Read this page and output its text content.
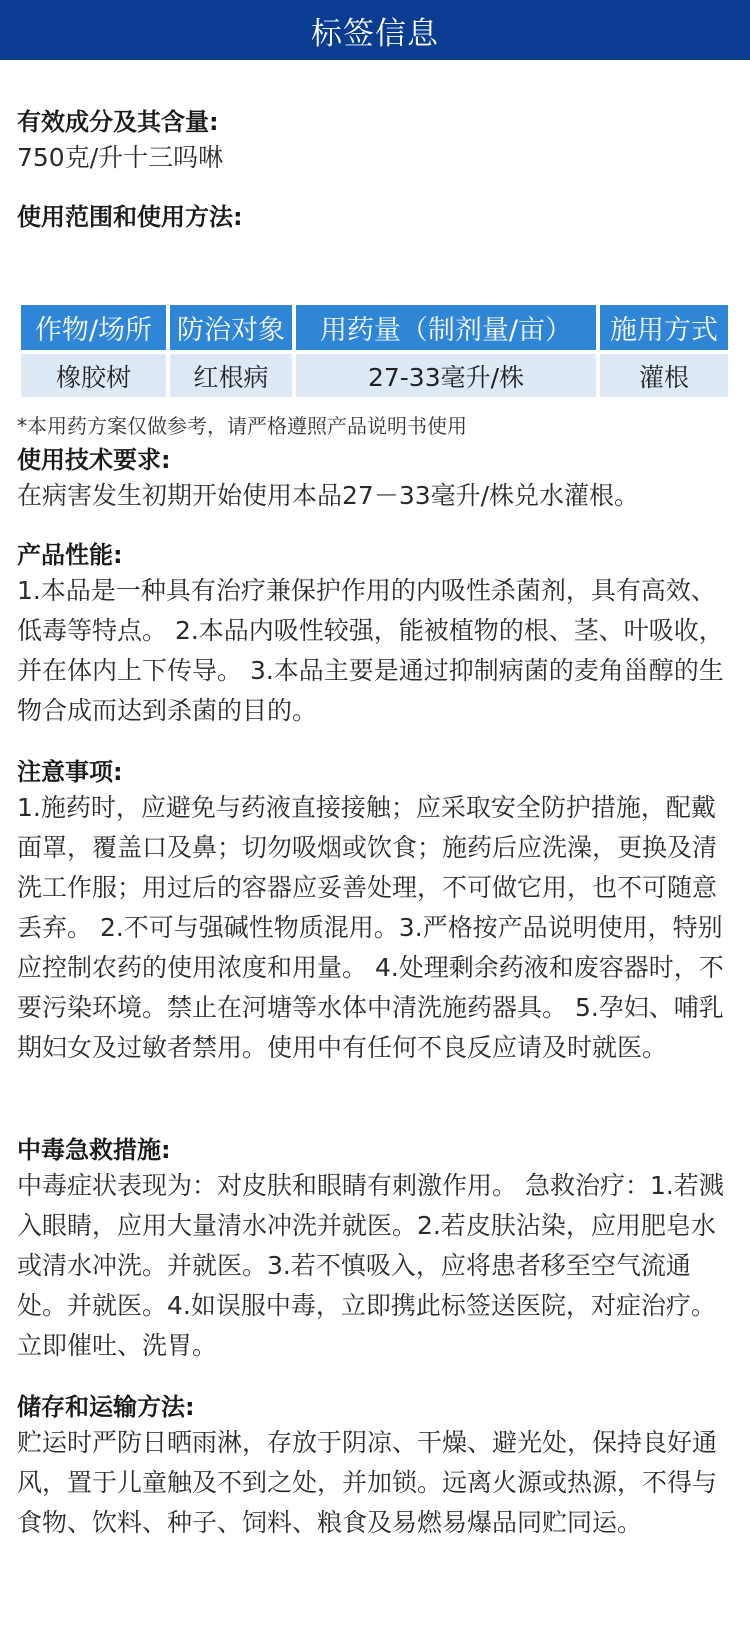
标签信息
有效成分及其含量:
750克/升十三吗啉
使用范围和使用方法:
作物/场所	防治对象	用药量（制剂量/亩）	施用方式
橡胶树	红根病	27-33毫升/株	灌根
*本用药方案仅做参考，请严格遵照产品说明书使用
使用技术要求:
在病害发生初期开始使用本品27－33毫升/株兑水灌根。
产品性能:
1.本品是一种具有治疗兼保护作用的内吸性杀菌剂，具有高效、低毒等特点。 2.本品内吸性较强，能被植物的根、茎、叶吸收，并在体内上下传导。 3.本品主要是通过抑制病菌的麦角甾醇的生物合成而达到杀菌的目的。
注意事项:
1.施药时，应避免与药液直接接触；应采取安全防护措施，配戴面罩，覆盖口及鼻；切勿吸烟或饮食；施药后应洗澡，更换及清洗工作服；用过后的容器应妥善处理，不可做它用，也不可随意丢弃。 2.不可与强碱性物质混用。3.严格按产品说明使用，特别应控制农药的使用浓度和用量。 4.处理剩余药液和废容器时，不要污染环境。禁止在河塘等水体中清洗施药器具。 5.孕妇、哺乳期妇女及过敏者禁用。使用中有任何不良反应请及时就医。
中毒急救措施:
中毒症状表现为：对皮肤和眼睛有刺激作用。 急救治疗：1.若溅入眼睛，应用大量清水冲洗并就医。2.若皮肤沾染，应用肥皂水或清水冲洗。并就医。3.若不慎吸入，应将患者移至空气流通处。并就医。4.如误服中毒，立即携此标签送医院，对症治疗。立即催吐、洗胃。
储存和运输方法:
贮运时严防日晒雨淋，存放于阴凉、干燥、避光处，保持良好通风，置于儿童触及不到之处，并加锁。远离火源或热源，不得与食物、饮料、种子、饲料、粮食及易燃易爆品同贮同运。
